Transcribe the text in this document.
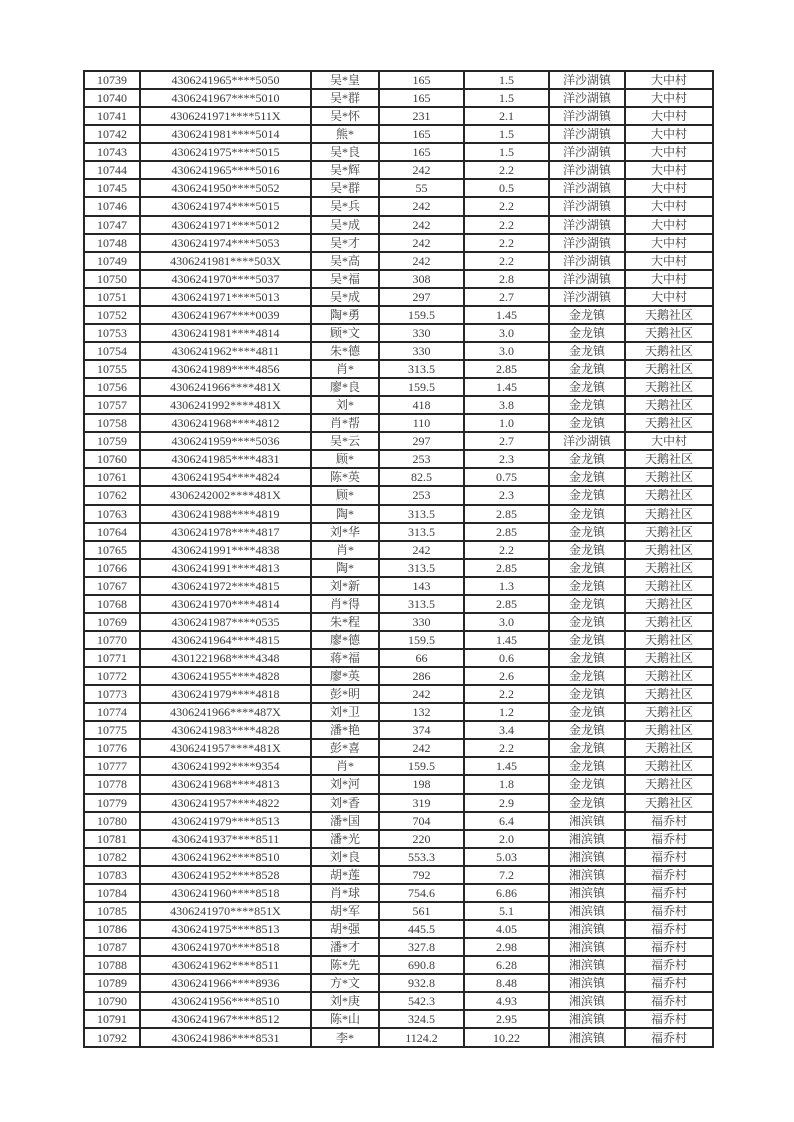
10739	4306241965****5050	吴*皇	165	1.5	洋沙湖镇	大中村
10740	4306241967****5010	吴*群	165	1.5	洋沙湖镇	大中村
10741	4306241971****511X	吴*怀	231	2.1	洋沙湖镇	大中村
10742	4306241981****5014	熊*	165	1.5	洋沙湖镇	大中村
10743	4306241975****5015	吴*良	165	1.5	洋沙湖镇	大中村
10744	4306241965****5016	吴*辉	242	2.2	洋沙湖镇	大中村
10745	4306241950****5052	吴*群	55	0.5	洋沙湖镇	大中村
10746	4306241974****5015	吴*兵	242	2.2	洋沙湖镇	大中村
10747	4306241971****5012	吴*成	242	2.2	洋沙湖镇	大中村
10748	4306241974****5053	吴*才	242	2.2	洋沙湖镇	大中村
10749	4306241981****503X	吴*高	242	2.2	洋沙湖镇	大中村
10750	4306241970****5037	吴*福	308	2.8	洋沙湖镇	大中村
10751	4306241971****5013	吴*成	297	2.7	洋沙湖镇	大中村
10752	4306241967****0039	陶*勇	159.5	1.45	金龙镇	天鹅社区
10753	4306241981****4814	顾*文	330	3.0	金龙镇	天鹅社区
10754	4306241962****4811	朱*德	330	3.0	金龙镇	天鹅社区
10755	4306241989****4856	肖*	313.5	2.85	金龙镇	天鹅社区
10756	4306241966****481X	廖*良	159.5	1.45	金龙镇	天鹅社区
10757	4306241992****481X	刘*	418	3.8	金龙镇	天鹅社区
10758	4306241968****4812	肖*帮	110	1.0	金龙镇	天鹅社区
10759	4306241959****5036	吴*云	297	2.7	洋沙湖镇	大中村
10760	4306241985****4831	顾*	253	2.3	金龙镇	天鹅社区
10761	4306241954****4824	陈*英	82.5	0.75	金龙镇	天鹅社区
10762	4306242002****481X	顾*	253	2.3	金龙镇	天鹅社区
10763	4306241988****4819	陶*	313.5	2.85	金龙镇	天鹅社区
10764	4306241978****4817	刘*华	313.5	2.85	金龙镇	天鹅社区
10765	4306241991****4838	肖*	242	2.2	金龙镇	天鹅社区
10766	4306241991****4813	陶*	313.5	2.85	金龙镇	天鹅社区
10767	4306241972****4815	刘*新	143	1.3	金龙镇	天鹅社区
10768	4306241970****4814	肖*得	313.5	2.85	金龙镇	天鹅社区
10769	4306241987****0535	朱*程	330	3.0	金龙镇	天鹅社区
10770	4306241964****4815	廖*德	159.5	1.45	金龙镇	天鹅社区
10771	4301221968****4348	蒋*福	66	0.6	金龙镇	天鹅社区
10772	4306241955****4828	廖*英	286	2.6	金龙镇	天鹅社区
10773	4306241979****4818	彭*明	242	2.2	金龙镇	天鹅社区
10774	4306241966****487X	刘*卫	132	1.2	金龙镇	天鹅社区
10775	4306241983****4828	潘*艳	374	3.4	金龙镇	天鹅社区
10776	4306241957****481X	彭*喜	242	2.2	金龙镇	天鹅社区
10777	4306241992****9354	肖*	159.5	1.45	金龙镇	天鹅社区
10778	4306241968****4813	刘*河	198	1.8	金龙镇	天鹅社区
10779	4306241957****4822	刘*香	319	2.9	金龙镇	天鹅社区
10780	4306241979****8513	潘*国	704	6.4	湘滨镇	福乔村
10781	4306241937****8511	潘*光	220	2.0	湘滨镇	福乔村
10782	4306241962****8510	刘*良	553.3	5.03	湘滨镇	福乔村
10783	4306241952****8528	胡*莲	792	7.2	湘滨镇	福乔村
10784	4306241960****8518	肖*球	754.6	6.86	湘滨镇	福乔村
10785	4306241970****851X	胡*军	561	5.1	湘滨镇	福乔村
10786	4306241975****8513	胡*强	445.5	4.05	湘滨镇	福乔村
10787	4306241970****8518	潘*才	327.8	2.98	湘滨镇	福乔村
10788	4306241962****8511	陈*先	690.8	6.28	湘滨镇	福乔村
10789	4306241966****8936	方*文	932.8	8.48	湘滨镇	福乔村
10790	4306241956****8510	刘*庚	542.3	4.93	湘滨镇	福乔村
10791	4306241967****8512	陈*山	324.5	2.95	湘滨镇	福乔村
10792	4306241986****8531	李*	1124.2	10.22	湘滨镇	福乔村
